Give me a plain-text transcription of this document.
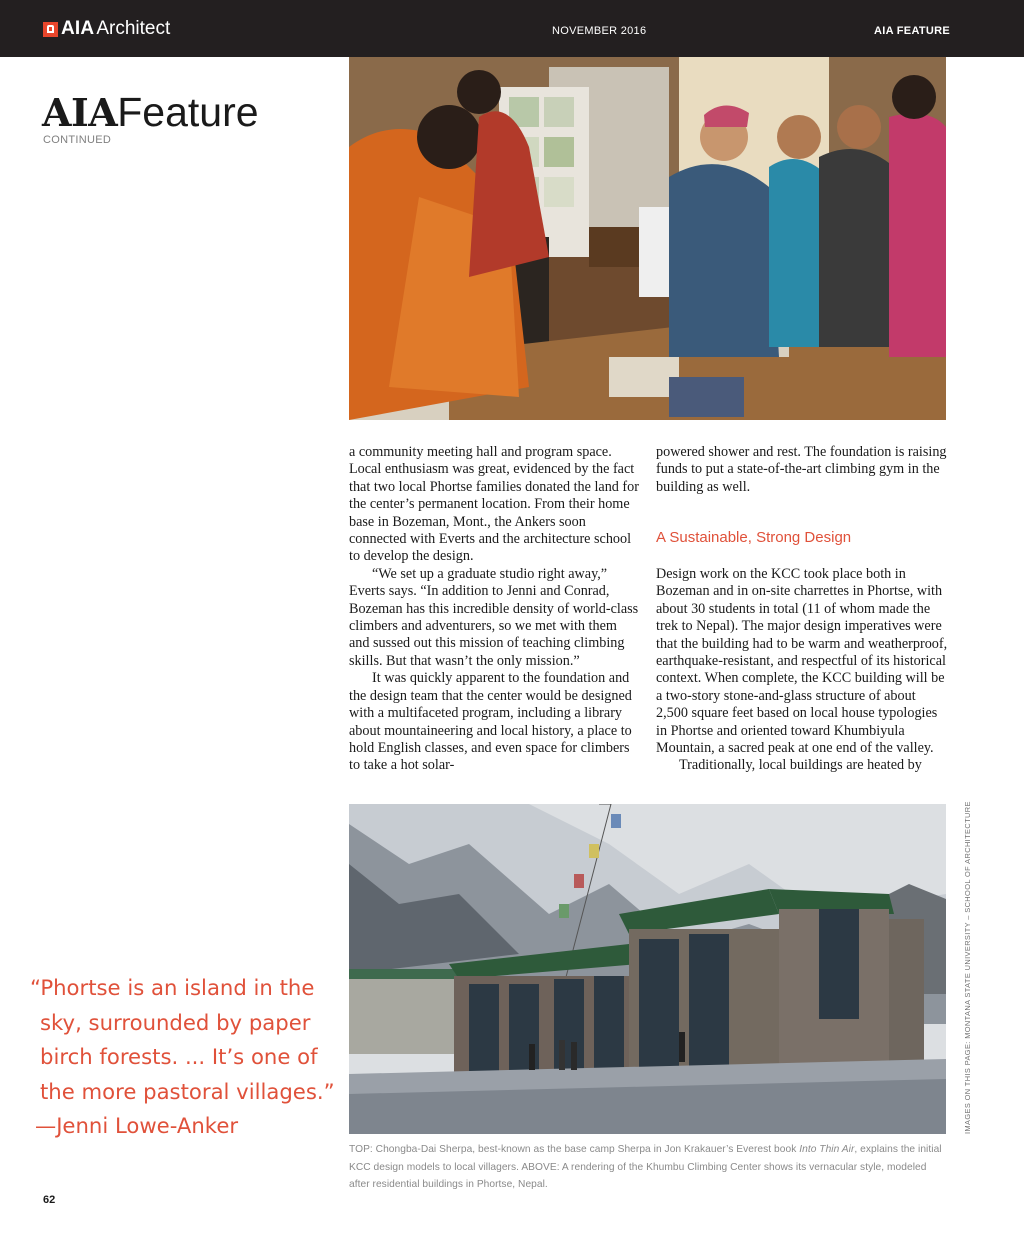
AIA Architect	NOVEMBER 2016	AIA FEATURE
AIAFeature
CONTINUED

a community meeting hall and program space. Local enthusiasm was great, evidenced by the fact that two local Phortse families donated the land for the center’s permanent location. From their home base in Bozeman, Mont., the Ankers soon connected with Everts and the architecture school to develop the design.

“We set up a graduate studio right away,” Everts says. “In addition to Jenni and Conrad, Bozeman has this incredible density of world-class climbers and adventurers, so we met with them and sussed out this mission of teaching climbing skills. But that wasn’t the only mission.”

It was quickly apparent to the foundation and the design team that the center would be designed with a multifaceted program, including a library about mountaineering and local history, a place to hold English classes, and even space for climbers to take a hot solar-

powered shower and rest. The foundation is raising funds to put a state-of-the-art climbing gym in the building as well.

A Sustainable, Strong Design

Design work on the KCC took place both in Bozeman and in on-site charrettes in Phortse, with about 30 students in total (11 of whom made the trek to Nepal). The major design imperatives were that the building had to be warm and weatherproof, earthquake-resistant, and respectful of its historical context. When complete, the KCC building will be a two-story stone-and-glass structure of about 2,500 square feet based on local house typologies in Phortse and oriented toward Khumbiyula Mountain, a sacred peak at one end of the valley.

Traditionally, local buildings are heated by

IMAGES ON THIS PAGE: MONTANA STATE UNIVERSITY – SCHOOL OF ARCHITECTURE
“Phortse is an island in the
sky, surrounded by paper
birch forests. ... It’s one of
the more pastoral villages.”
—Jenni Lowe-Anker
TOP: Chongba-Dai Sherpa, best-known as the base camp Sherpa in Jon Krakauer’s Everest book Into Thin Air, explains the initial KCC design models to local villagers. ABOVE: A rendering of the Khumbu Climbing Center shows its vernacular style, modeled after residential buildings in Phortse, Nepal.
62
